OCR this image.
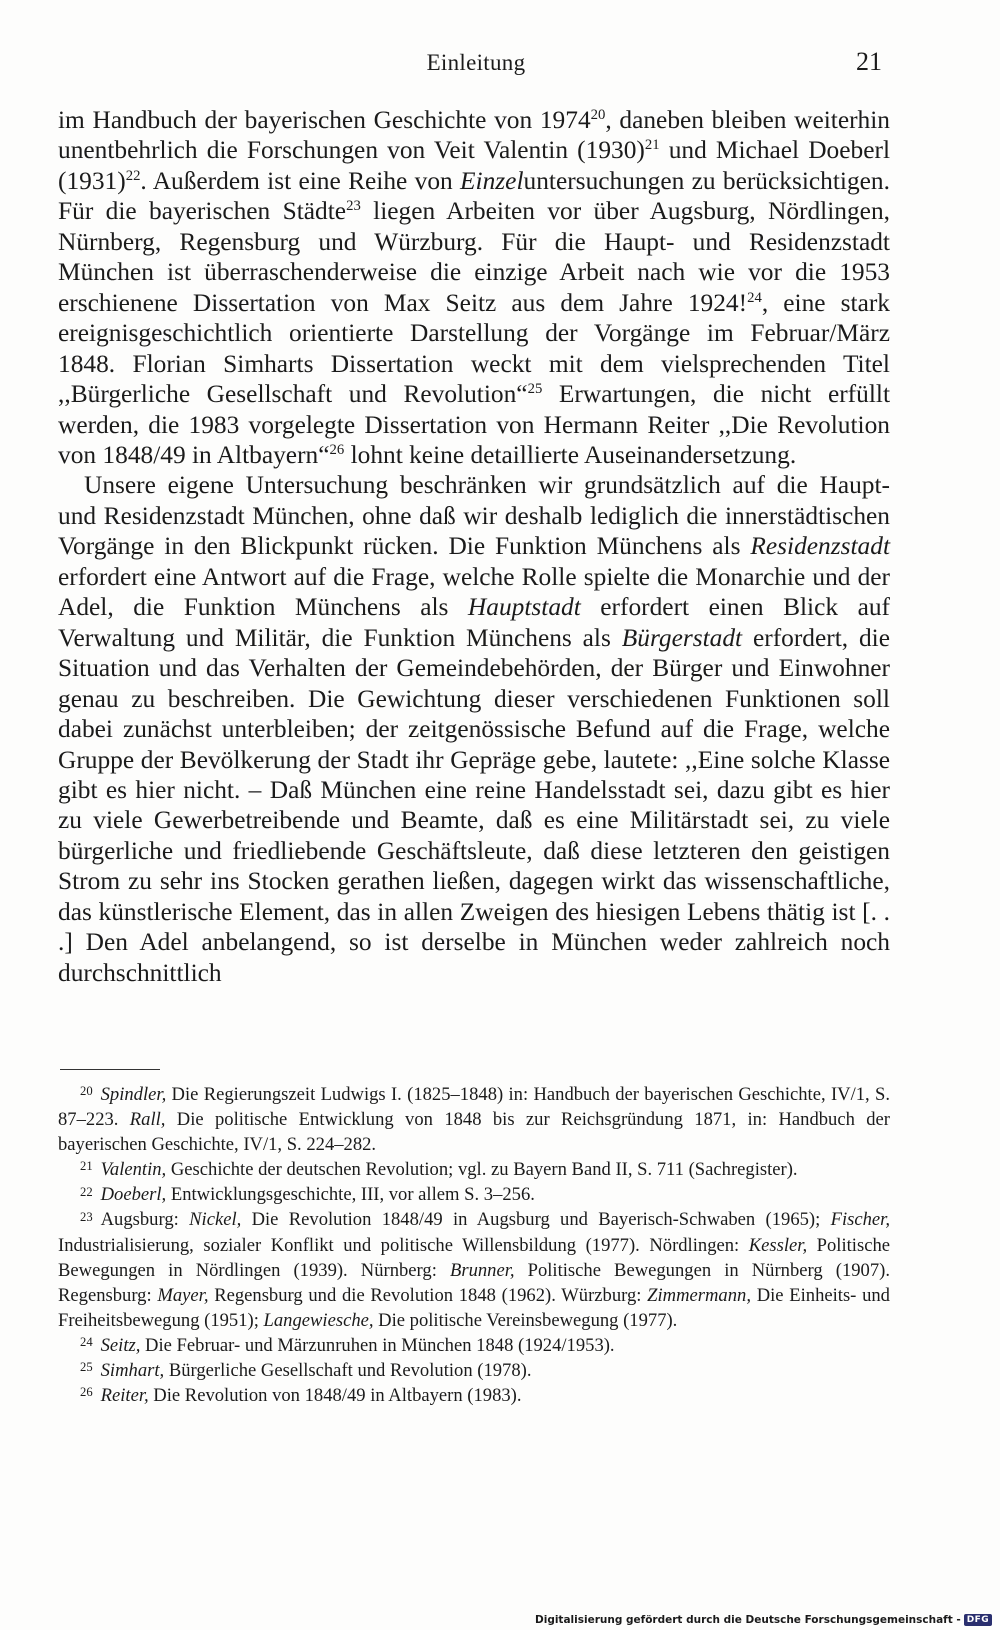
Einleitung	21

im Handbuch der bayerischen Geschichte von 1974$^{20}$, daneben bleiben weiterhin unentbehrlich die Forschungen von Veit Valentin $(1930)^{21}$ und Michael Doeberl $(1931)^{22}$. Außerdem ist eine Reihe von Einzeluntersuchungen zu berücksichtigen. Für die bayerischen Städte$^{23}$ liegen Arbeiten vor über Augsburg, Nördlingen, Nürnberg, Regensburg und Würzburg. Für die Haupt- und Residenzstadt München ist überraschenderweise die einzige Arbeit nach wie vor die 1953 erschienene Dissertation von Max Seitz aus dem Jahre 1924!$^{24}$, eine stark ereignisgeschichtlich orientierte Darstellung der Vorgänge im Februar/März 1848. Florian Simharts Dissertation weckt mit dem vielsprechenden Titel ,,Bürgerliche Gesellschaft und Revolution“$^{25}$ Erwartungen, die nicht erfüllt werden, die 1983 vorgelegte Dissertation von Hermann Reiter ,,Die Revolution von 1848/49 in Altbayern“$^{26}$ lohnt keine detaillierte Auseinandersetzung.

Unsere eigene Untersuchung beschränken wir grundsätzlich auf die Haupt- und Residenzstadt München, ohne daß wir deshalb lediglich die innerstädtischen Vorgänge in den Blickpunkt rücken. Die Funktion Münchens als Residenzstadt erfordert eine Antwort auf die Frage, welche Rolle spielte die Monarchie und der Adel, die Funktion Münchens als Hauptstadt erfordert einen Blick auf Verwaltung und Militär, die Funktion Münchens als Bürgerstadt erfordert, die Situation und das Verhalten der Gemeindebehörden, der Bürger und Einwohner genau zu beschreiben. Die Gewichtung dieser verschiedenen Funktionen soll dabei zunächst unterbleiben; der zeitgenössische Befund auf die Frage, welche Gruppe der Bevölkerung der Stadt ihr Gepräge gebe, lautete: ,,Eine solche Klasse gibt es hier nicht. – Daß München eine reine Handelsstadt sei, dazu gibt es hier zu viele Gewerbetreibende und Beamte, daß es eine Militärstadt sei, zu viele bürgerliche und friedliebende Geschäftsleute, daß diese letzteren den geistigen Strom zu sehr ins Stocken gerathen ließen, dagegen wirkt das wissenschaftliche, das künstlerische Element, das in allen Zweigen des hiesigen Lebens thätig ist [. . .] Den Adel anbelangend, so ist derselbe in München weder zahlreich noch durchschnittlich

$^{20}$ Spindler, Die Regierungszeit Ludwigs I. (1825–1848) in: Handbuch der bayerischen Geschichte, IV/1, S. 87–223. Rall, Die politische Entwicklung von 1848 bis zur Reichsgründung 1871, in: Handbuch der bayerischen Geschichte, IV/1, S. 224–282.

$^{21}$ Valentin, Geschichte der deutschen Revolution; vgl. zu Bayern Band II, S. 711 (Sachregister).

$^{22}$ Doeberl, Entwicklungsgeschichte, III, vor allem S. 3–256.

$^{23}$ Augsburg: Nickel, Die Revolution 1848/49 in Augsburg und Bayerisch-Schwaben (1965); Fischer, Industrialisierung, sozialer Konflikt und politische Willensbildung (1977). Nördlingen: Kessler, Politische Bewegungen in Nördlingen (1939). Nürnberg: Brunner, Politische Bewegungen in Nürnberg (1907). Regensburg: Mayer, Regensburg und die Revolution 1848 (1962). Würzburg: Zimmermann, Die Einheits- und Freiheitsbewegung (1951); Langewiesche, Die politische Vereinsbewegung (1977).

$^{24}$ Seitz, Die Februar- und Märzunruhen in München 1848 (1924/1953).

$^{25}$ Simhart, Bürgerliche Gesellschaft und Revolution (1978).

$^{26}$ Reiter, Die Revolution von 1848/49 in Altbayern (1983).

Digitalisierung gefördert durch die Deutsche Forschungsgemeinschaft - DFG
